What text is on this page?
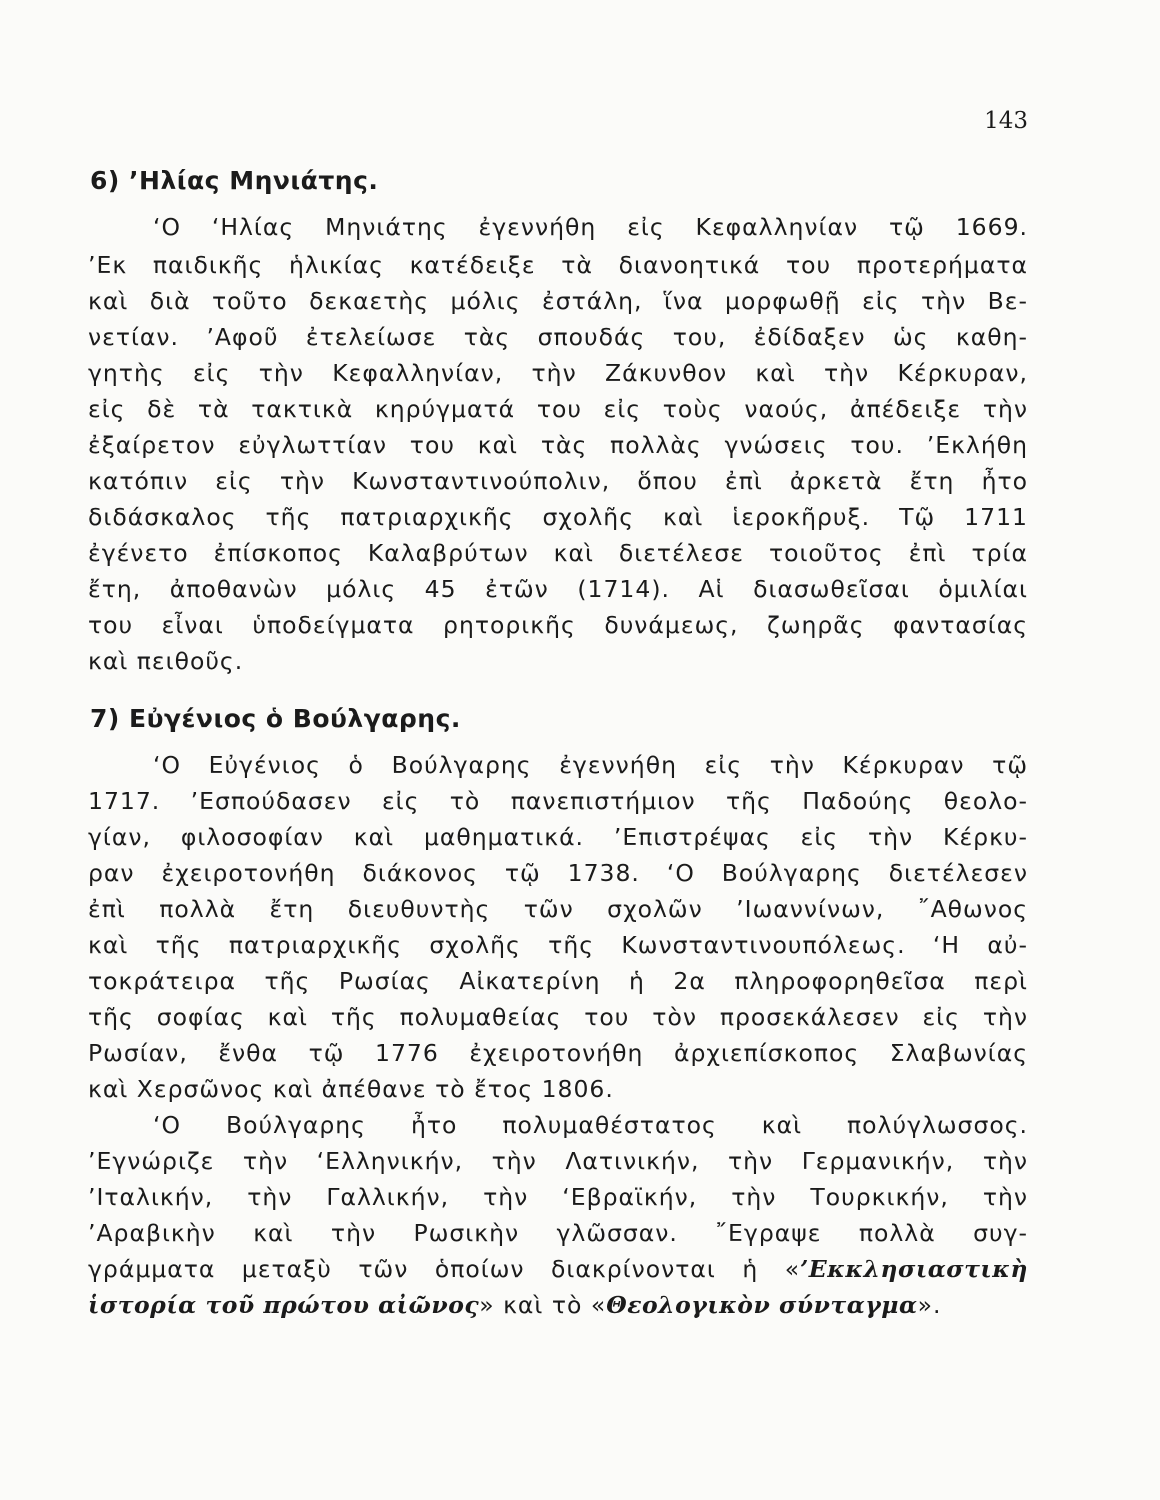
143
6) ’Ηλίας Μηνιάτης.
‘Ο ‘Ηλίας Μηνιάτης ἐγεννήθη εἰς Κεφαλληνίαν τῷ 1669.
’Εκ παιδικῆς ἡλικίας κατέδειξε τὰ διανοητικά του προτερήματα
καὶ διὰ τοῦτο δεκαετὴς μόλις ἐστάλη, ἵνα μορφωθῇ εἰς τὴν Βε-
νετίαν. ’Αφοῦ ἐτελείωσε τὰς σπουδάς του, ἐδίδαξεν ὡς καθη-
γητὴς εἰς τὴν Κεφαλληνίαν, τὴν Ζάκυνθον καὶ τὴν Κέρκυραν,
εἰς δὲ τὰ τακτικὰ κηρύγματά του εἰς τοὺς ναούς, ἀπέδειξε τὴν
ἐξαίρετον εὐγλωττίαν του καὶ τὰς πολλὰς γνώσεις του. ’Εκλήθη
κατόπιν εἰς τὴν Κωνσταντινούπολιν, ὅπου ἐπὶ ἀρκετὰ ἔτη ἦτο
διδάσκαλος τῆς πατριαρχικῆς σχολῆς καὶ ἱεροκῆρυξ. Τῷ 1711
ἐγένετο ἐπίσκοπος Καλαβρύτων καὶ διετέλεσε τοιοῦτος ἐπὶ τρία
ἔτη, ἀποθανὼν μόλις 45 ἐτῶν (1714). Αἱ διασωθεῖσαι ὁμιλίαι
του εἶναι ὑποδείγματα ρητορικῆς δυνάμεως, ζωηρᾶς φαντασίας
καὶ πειθοῦς.
7) Εὐγένιος ὁ Βούλγαρης.
‘Ο Εὐγένιος ὁ Βούλγαρης ἐγεννήθη εἰς τὴν Κέρκυραν τῷ
1717. ’Εσπούδασεν εἰς τὸ πανεπιστήμιον τῆς Παδούης θεολο-
γίαν, φιλοσοφίαν καὶ μαθηματικά. ’Επιστρέψας εἰς τὴν Κέρκυ-
ραν ἐχειροτονήθη διάκονος τῷ 1738. ‘Ο Βούλγαρης διετέλεσεν
ἐπὶ πολλὰ ἔτη διευθυντὴς τῶν σχολῶν ’Ιωαννίνων, ῎Αθωνος
καὶ τῆς πατριαρχικῆς σχολῆς τῆς Κωνσταντινουπόλεως. ‘Η αὐ-
τοκράτειρα τῆς Ρωσίας Αἰκατερίνη ἡ 2α πληροφορηθεῖσα περὶ
τῆς σοφίας καὶ τῆς πολυμαθείας του τὸν προσεκάλεσεν εἰς τὴν
Ρωσίαν, ἔνθα τῷ 1776 ἐχειροτονήθη ἀρχιεπίσκοπος Σλαβωνίας
καὶ Χερσῶνος καὶ ἀπέθανε τὸ ἔτος 1806.
‘Ο Βούλγαρης ἦτο πολυμαθέστατος καὶ πολύγλωσσος.
’Εγνώριζε τὴν ‘Ελληνικήν, τὴν Λατινικήν, τὴν Γερμανικήν, τὴν
’Ιταλικήν, τὴν Γαλλικήν, τὴν ‘Εβραϊκήν, τὴν Τουρκικήν, τὴν
’Αραβικὴν καὶ τὴν Ρωσικὴν γλῶσσαν. ῎Εγραψε πολλὰ συγ-
γράμματα μεταξὺ τῶν ὁποίων διακρίνονται ἡ «’Εκκλησιαστικὴ
ἱστορία τοῦ πρώτου αἰῶνος» καὶ τὸ «Θεολογικὸν σύνταγμα».
